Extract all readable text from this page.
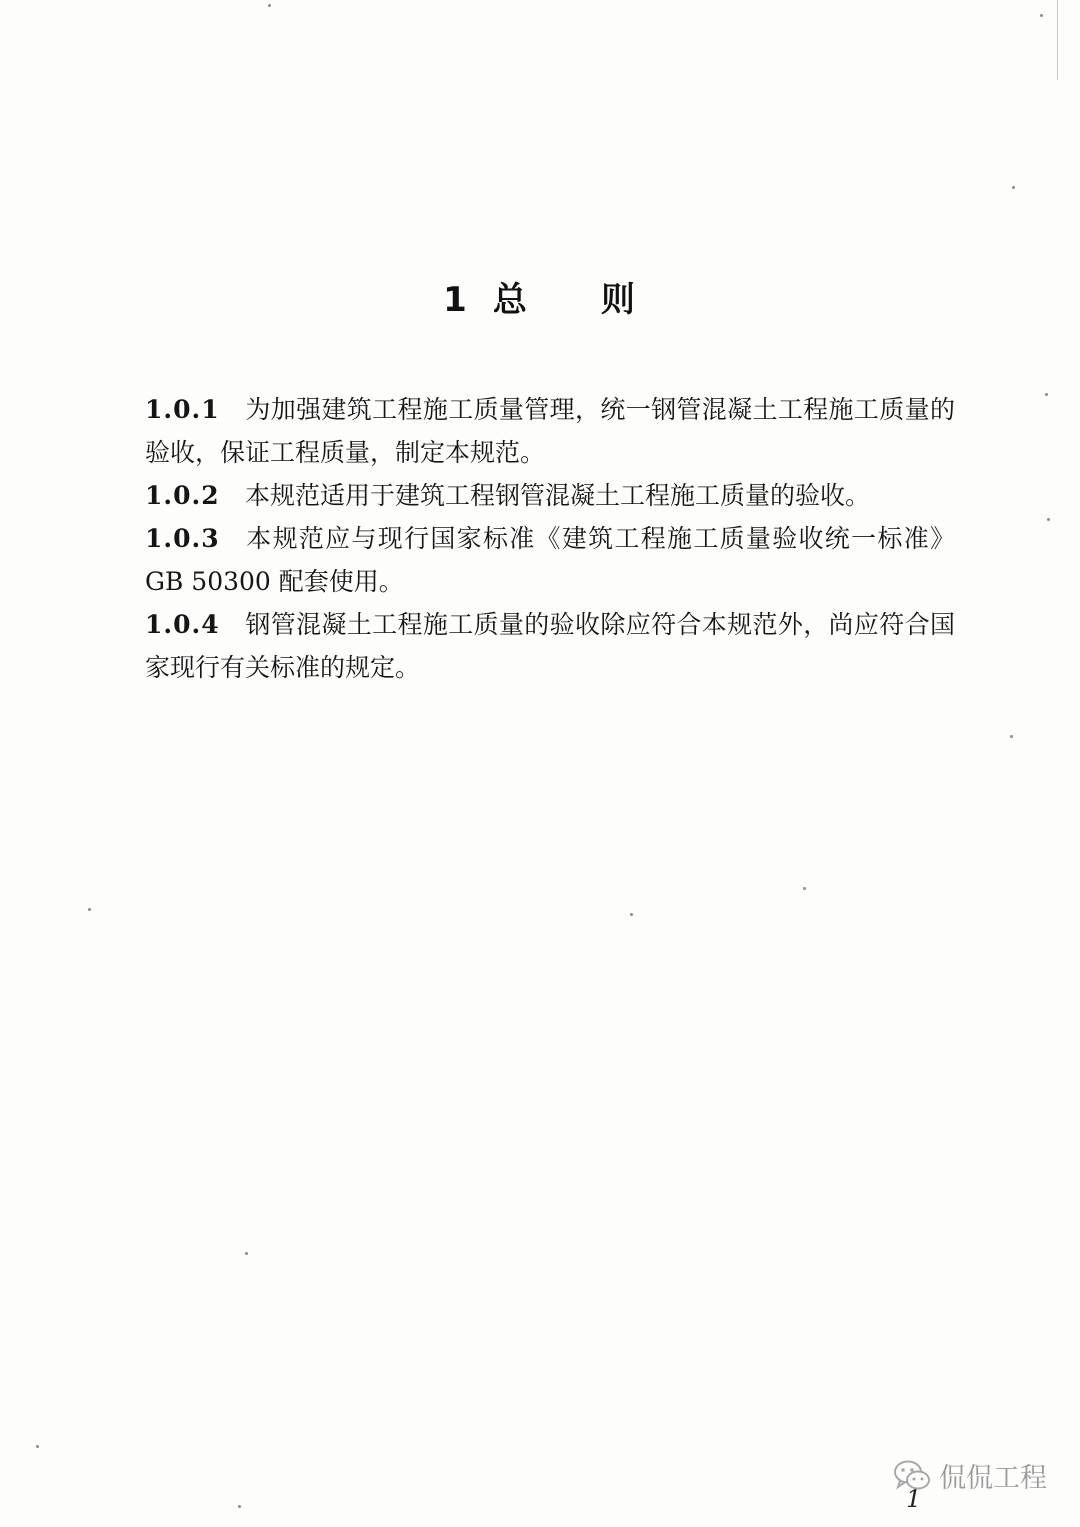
1 总 则

1.0.1 为加强建筑工程施工质量管理，统一钢管混凝土工程施工质量的验收，保证工程质量，制定本规范。

1.0.2 本规范适用于建筑工程钢管混凝土工程施工质量的验收。

1.0.3 本规范应与现行国家标准《建筑工程施工质量验收统一标准》GB 50300 配套使用。

1.0.4 钢管混凝土工程施工质量的验收除应符合本规范外，尚应符合国家现行有关标准的规定。

侃侃工程
1
